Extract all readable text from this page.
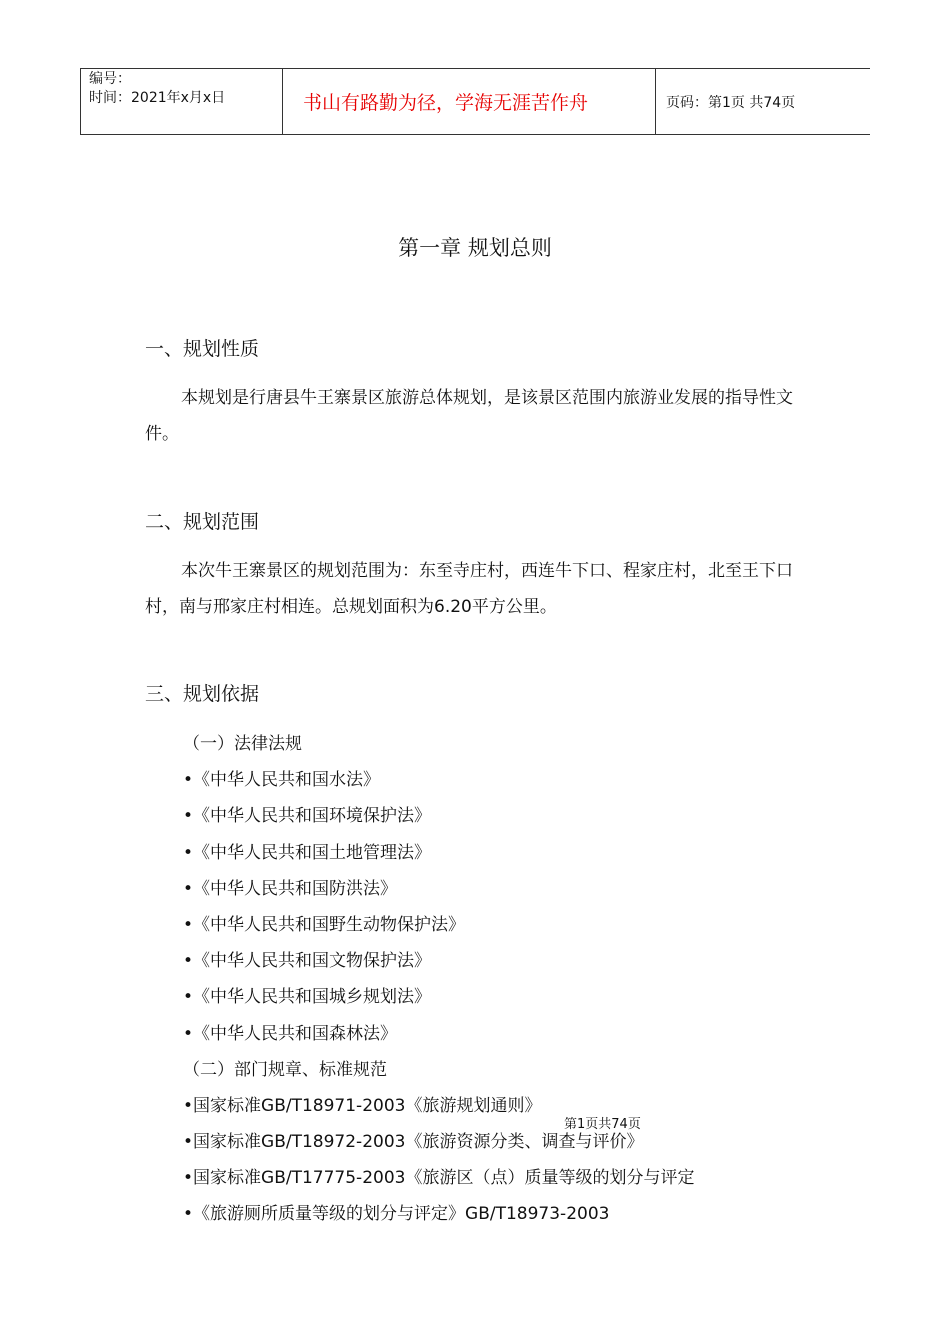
编号：
时间：2021年x月x日	书山有路勤为径，学海无涯苦作舟	页码：第1页 共74页
第一章 规划总则
一、规划性质
本规划是行唐县牛王寨景区旅游总体规划，是该景区范围内旅游业发展的指导性文件。
二、规划范围
本次牛王寨景区的规划范围为：东至寺庄村，西连牛下口、程家庄村，北至王下口村，南与邢家庄村相连。总规划面积为6.20平方公里。
三、规划依据
（一）法律法规
•《中华人民共和国水法》
•《中华人民共和国环境保护法》
•《中华人民共和国土地管理法》
•《中华人民共和国防洪法》
•《中华人民共和国野生动物保护法》
•《中华人民共和国文物保护法》
•《中华人民共和国城乡规划法》
•《中华人民共和国森林法》
（二）部门规章、标准规范
•国家标准GB/T18971-2003《旅游规划通则》
•国家标准GB/T18972-2003《旅游资源分类、调查与评价》
•国家标准GB/T17775-2003《旅游区（点）质量等级的划分与评定
•《旅游厕所质量等级的划分与评定》GB/T18973-2003
第1页共74页
